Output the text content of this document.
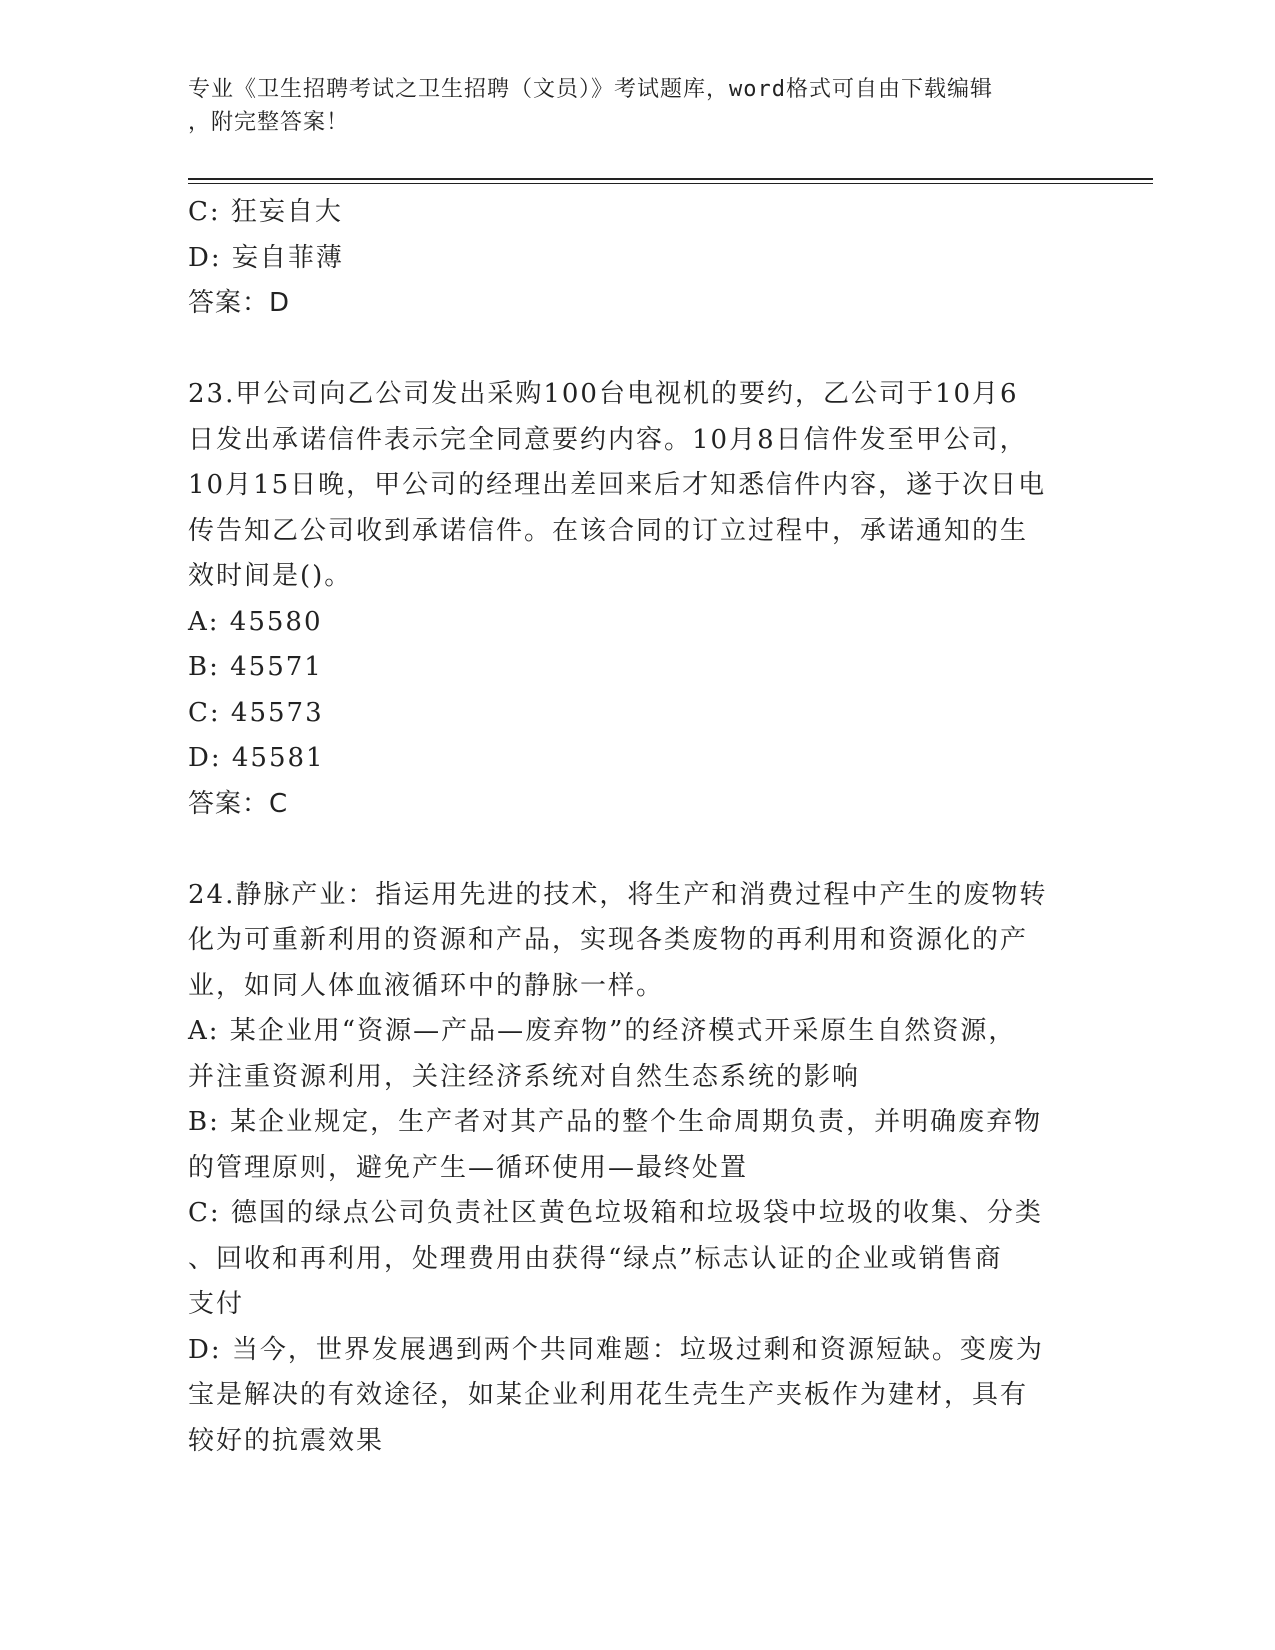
专业《卫生招聘考试之卫生招聘（文员）》考试题库，word格式可自由下载编辑
，附完整答案！
C: 狂妄自大
D: 妄自菲薄
答案：D
23.甲公司向乙公司发出采购100台电视机的要约，乙公司于10月6
日发出承诺信件表示完全同意要约内容。10月8日信件发至甲公司，
10月15日晚，甲公司的经理出差回来后才知悉信件内容，遂于次日电
传告知乙公司收到承诺信件。在该合同的订立过程中，承诺通知的生
效时间是()。
A: 45580
B: 45571
C: 45573
D: 45581
答案：C
24.静脉产业：指运用先进的技术，将生产和消费过程中产生的废物转
化为可重新利用的资源和产品，实现各类废物的再利用和资源化的产
业，如同人体血液循环中的静脉一样。
A: 某企业用“资源—产品—废弃物”的经济模式开采原生自然资源，
并注重资源利用，关注经济系统对自然生态系统的影响
B: 某企业规定，生产者对其产品的整个生命周期负责，并明确废弃物
的管理原则，避免产生—循环使用—最终处置
C: 德国的绿点公司负责社区黄色垃圾箱和垃圾袋中垃圾的收集、分类
、回收和再利用，处理费用由获得“绿点”标志认证的企业或销售商
支付
D: 当今，世界发展遇到两个共同难题：垃圾过剩和资源短缺。变废为
宝是解决的有效途径，如某企业利用花生壳生产夹板作为建材，具有
较好的抗震效果
